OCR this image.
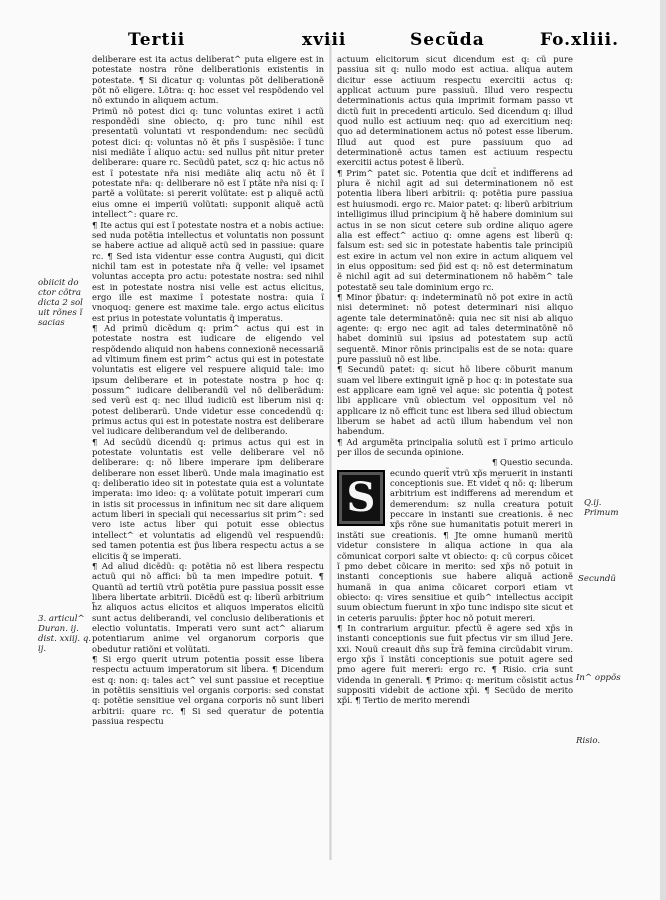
Tertii	xviii	Secũda	Fo.xliii.

deliberare est ita actus deliberat^ puta eligere est in potestate nostra rõne deliberationis existentis in potestate. ¶ Si dicatur q: voluntas põt deliberationẽ põt nõ eligere. Lõtra: q: hoc esset vel respõdendo vel nõ extundo in aliquem actum.

Primũ nõ potest dici q: tunc voluntas exiret i actũ respondẽdi sine obiecto, q: pro tunc nihil est presentatũ voluntati vt respondendum: nec secũdũ potest dici: q: voluntas nõ ẽt pñs ĩ suspẽsiõe: ĩ tunc nisi mediãte ĩ aliquo actu: sed nullus pñt nitur preter deliberare: quare rc. Secũdũ patet, scz q: hic actus nõ est ĩ potestate nr̃a nisi mediãte aliq actu nõ ẽt ĩ potestate nr̃a: q: deliberare nõ est ĩ ptãte nr̃a nisi q: ĩ partẽ a volũtate: si pererit volũtate: est p aliquẽ actũ eius omne ei imperiũ volũtati: supponit aliquẽ actũ intellect^: quare rc.

¶ Ite actus qui est ĩ potestate nostra et a nobis actiue: sed nuda potẽtia intellectus et voluntatis non possunt se habere actiue ad aliquẽ actũ sed in passiue: quare rc. ¶ Sed ista videntur esse contra Augusti, qui dicit nichil tam est in potestate nr̃a q̃ velle: vel ipsamet voluntas accepta pro actu: potestate nostra: sed nihil est in potestate nostra nisi velle est actus elicitus, ergo ille est maxime ĩ potestate nostra: quia ĩ vnoquoq: genere est maxime tale. ergo actus elicitus est prius in potestate voluntatis q̃ imperatus.

¶ Ad primũ dicẽdum q: prim^ actus qui est in potestate nostra est iudicare de eligendo vel respõdendo aliquid non habens connexionẽ necessariã ad vltimum finem est prim^ actus qui est in potestate voluntatis est eligere vel respuere aliquid tale: imo ipsum deliberare et in potestate nostra p hoc q: possum^ iudicare deliberandũ vel nõ deliberãdum: sed verũ est q: nec illud iudiciũ est liberum nisi q: potest deliberarũ. Unde videtur esse concedendũ q: primus actus qui est in potestate nostra est deliberare vel iudicare deliberandum vel de deliberando.

¶ Ad secũdũ dicendũ q: primus actus qui est in potestate voluntatis est velle deliberare vel nõ deliberare: q: nõ libere imperare ipm deliberare deliberare non esset liberũ. Unde mala imaginatio est q: deliberatio ideo sit in potestate quia est a voluntate imperata: imo ideo: q: a volũtate potuit imperari cum in istis sit processus in infinitum nec sit dare aliquem actum liberi in speciali qui necessarius sit prim^: sed vero iste actus liber qui potuit esse obiectus intellect^ et voluntatis ad eligendũ vel respuendũ: sed tamen potentia est p̃us libera respectu actus a se elicitis q̃ se imperati.

¶ Ad aliud dicẽdũ: q: potẽtia nõ est libera respectu actuũ qui nõ affici: bũ ta men impedire potuit. ¶ Quantũ ad tertiũ vtrũ potẽtia pure passiua possit esse libera libertate arbitrii. Dicẽdũ est q: liberũ arbitrium h̃z aliquos actus elicitos et aliquos imperatos elicitũ sunt actus deliberandi, vel conclusio deliberationis et electio voluntatis. Imperati vero sunt act^ aliarum potentiarum anime vel organorum corporis que obedutur ratiõni et volũtati.

¶ Si ergo querit utrum potentia possit esse libera respectu actuum imperatorum sit libera. ¶ Dicendum est q: non: q: tales act^ vel sunt passiue et receptiue in potẽtiis sensitiuis vel organis corporis: sed constat q: potẽtie sensitiue vel organa corporis nõ sunt liberi arbitrii: quare rc. ¶ Si sed queratur de potentia passiua respectu

actuum elicitorum sicut dicendum est q: cũ pure passiua sit q: nullo modo est actiua. aliqua autem dicitur esse actiuum respectu exercitii actus q: applicat actuum pure passiuũ. Illud vero respectu determinationis actus quia imprimit formam passo vt dictũ fuit in precedenti articulo. Sed dicendum q: illud quod nullo est actiuum neq: quo ad exercitium neq: quo ad determinationem actus nõ potest esse liberum. Illud aut quod est pure passiuum quo ad determinationẽ actus tamen est actiuum respectu exercitii actus potest ẽ liberũ.

¶ Prim^ patet sic. Potentia que dcit̃ et indifferens ad plura ẽ nichil agit ad sui determinationem nõ est potentia libera liberi arbitrii: q: potẽtia pure passiua est huiusmodi. ergo rc. Maior patet: q: liberũ arbitrium intelligimus illud principium q̃ hẽ habere dominium sui actus in se non sicut cetere sub ordine aliquo agere alia est effect^ actiuo q: omne agens est liberũ q: falsum est: sed sic in potestate habentis tale principiũ est exire in actum vel non exire in actum aliquem vel in eius oppositum: sed p̃i̇d est q: nõ est determinatum ẽ nichil agit ad sui determinationem nõ habẽm^ tale potestatẽ seu tale dominium ergo rc.

¶ Minor p̃batur: q: indeterminatũ nõ pot exire in actũ nisi determinet: nõ potest determinari nisi aliquo agente tale determinatõnẽ: quia nec sit nisi ab aliquo agente: q: ergo nec agit ad tales determinatõnẽ nõ habet dominiũ sui ipsius ad potestatem sup actũ sequentẽ. Minor rõnis principalis est de se nota: quare pure passiuũ nõ est libe.

¶ Secundũ patet: q: sicut hõ libere cõburit manum suam vel libere extinguit ignẽ p hoc q: in potestate sua est applicare eam ignẽ vel aque: sic potentia q̃ potest libi applicare vnũ obiectum vel oppositum vel nõ applicare iz nõ efficit tunc est libera sed illud obiectum liberum se habet ad actũ illum habendum vel non habendum.

¶ Ad argumẽta principalia solutũ est ĩ primo articulo per illos de secunda opinione.

¶ Questio secunda.

S
ecundo querit̃ vtrũ xp̃s meruerit in instanti conceptionis sue. Et videt̃ q nõ: q: liberum arbitrium est indifferens ad merendum et demerendum: sz nulla creatura potuit peccare in instanti sue creationis. ẽ nec xp̃s rõne sue humanitatis potuit mereri in instãti sue creationis. ¶ Jte omne humanũ meritũ videtur consistere in aliqua actione in qua ala cõmunicat corpori salte vt obiecto: q: cũ corpus cõicet ĩ pmo debet cõicare in merito: sed xp̃s nõ potuit in instanti conceptionis sue habere aliquã actionẽ humanã in qua anima cõicaret corpori etiam vt obiecto: q: vires sensitiue et quib^ intellectus accipit suum obiectum fuerunt in xp̃o tunc indispo site sicut et in ceteris paruulis: p̃pter hoc nõ potuit mereri.

¶ In contrarium arguitur. pfectũ ẽ agere sed xp̃s in instanti conceptionis sue fuit pfectus vir sm illud Jere. xxi. Nouũ creauit dñs sup t̃rã femina circũdabit virum. ergo xp̃s ĩ instãti conceptionis sue potuit agere sed pmo agere fuit mereri: ergo rc. ¶ Risio. cria sunt videnda in generali. ¶ Primo: q: meritum cõsistit actus suppositi videbit de actione xp̃i. ¶ Secũdo de merito xp̃i. ¶ Tertio de merito merendi

obiicit do ctor cõtra dicta 2 sol uit rõnes ĩ sacias
3. articul^ Duran. ij. dist. xxiij. q. ij.
Q.ij. Primum
Secundũ
In^ oppõs
Risio.
